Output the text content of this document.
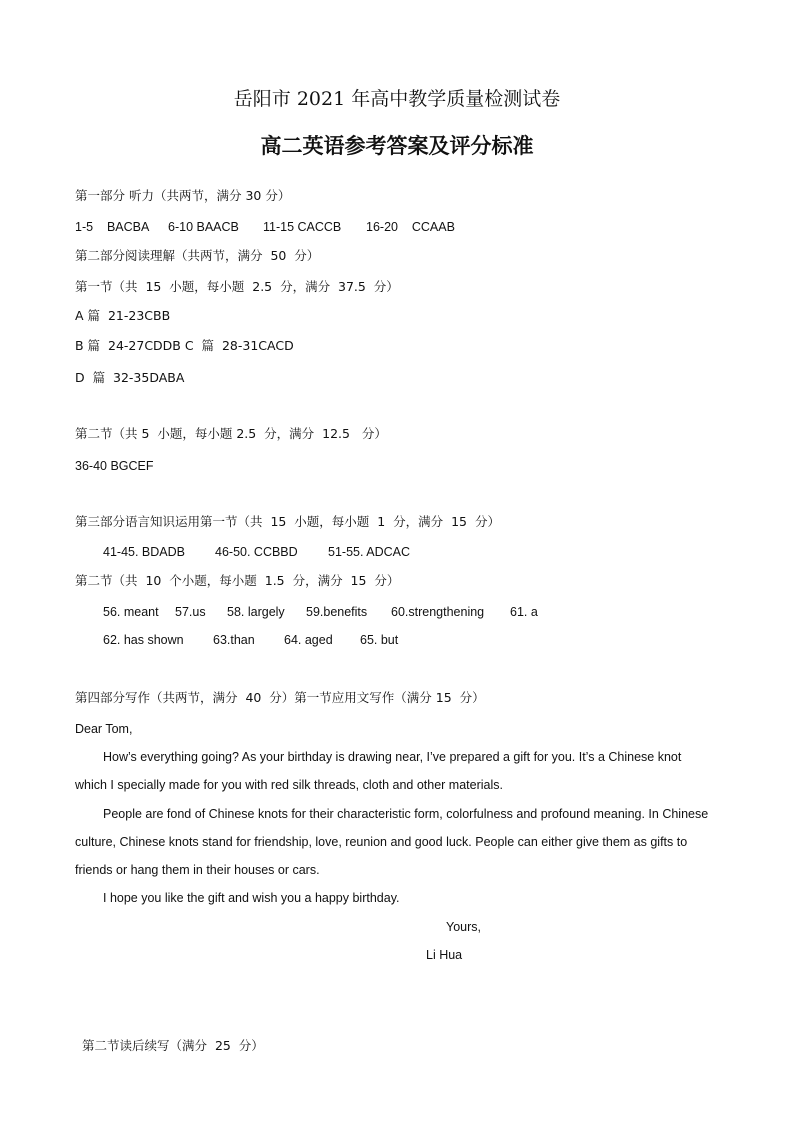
岳阳市 2021 年高中教学质量检测试卷
高二英语参考答案及评分标准
第一部分 听力（共两节，满分 30 分）
1-5    BACBA 6-10 BAACB 11-15 CACCB 16-20    CCAAB
第二部分阅读理解（共两节，满分  50  分）
第一节（共  15  小题，每小题  2.5  分，满分  37.5  分）
A 篇  21-23CBB
B 篇  24-27CDDB C  篇  28-31CACD
D  篇  32-35DABA
第二节（共 5  小题，每小题 2.5  分，满分  12.5   分）
36-40 BGCEF
第三部分语言知识运用第一节（共  15  小题，每小题  1  分，满分  15  分）
41-45. BDADB 46-50. CCBBD 51-55. ADCAC
第二节（共  10  个小题，每小题  1.5  分，满分  15  分）
56. meant 57.us 58. largely 59.benefits 60.strengthening 61. a
62. has shown 63.than 64. aged 65. but
第四部分写作（共两节，满分  40  分）第一节应用文写作（满分 15  分）
Dear Tom,
How’s everything going? As your birthday is drawing near, I’ve prepared a gift for you. It’s a Chinese knot which I specially made for you with red silk threads, cloth and other materials.
People are fond of Chinese knots for their characteristic form, colorfulness and profound meaning. In Chinese culture, Chinese knots stand for friendship, love, reunion and good luck. People can either give them as gifts to friends or hang them in their houses or cars.
I hope you like the gift and wish you a happy birthday.
Yours,
Li Hua
第二节读后续写（满分  25  分）
